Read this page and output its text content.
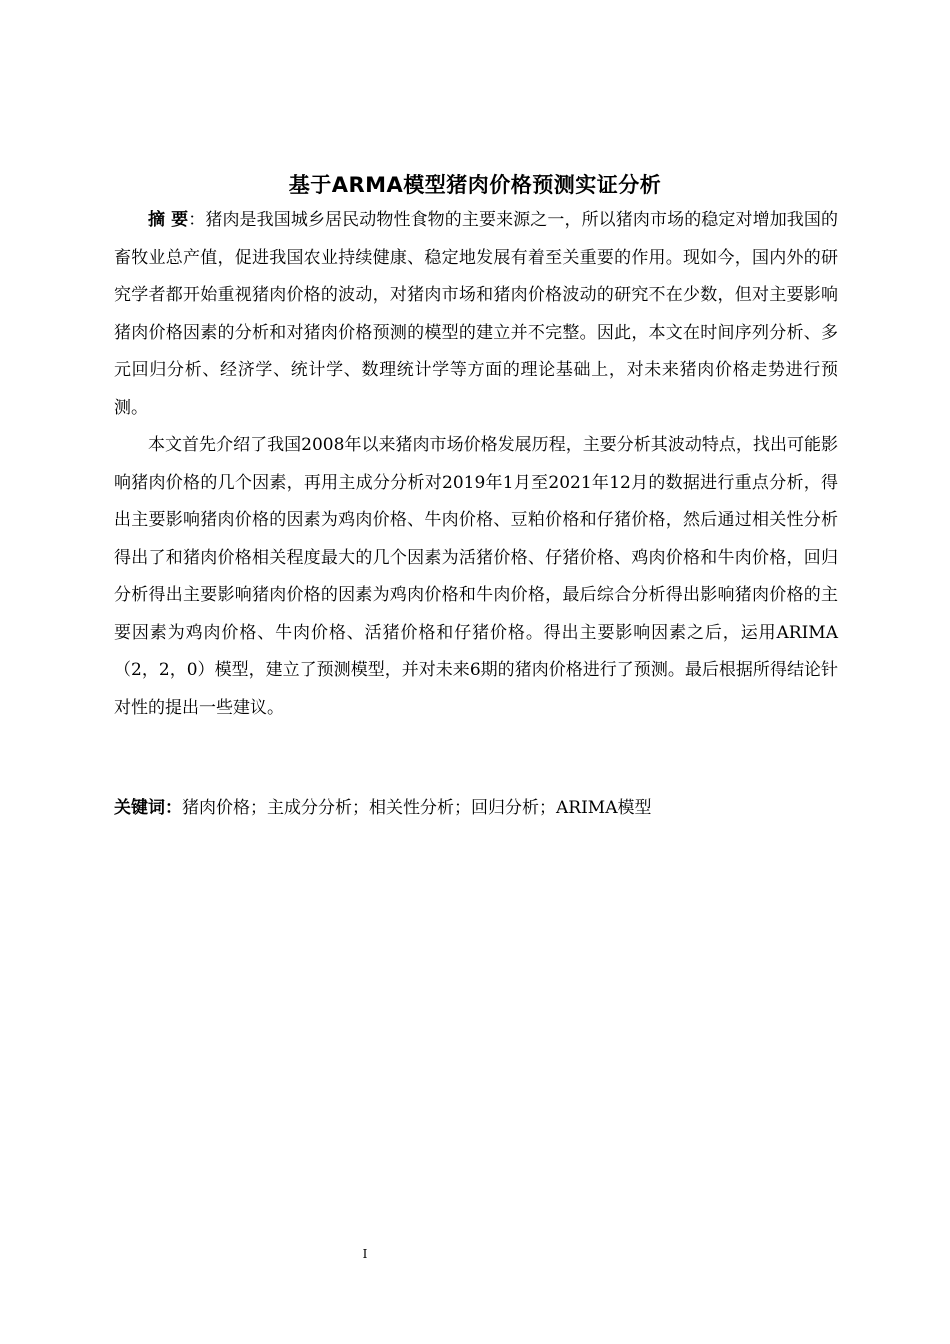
基于ARMA模型猪肉价格预测实证分析

摘 要：猪肉是我国城乡居民动物性食物的主要来源之一，所以猪肉市场的稳定对增加我国的畜牧业总产值，促进我国农业持续健康、稳定地发展有着至关重要的作用。现如今，国内外的研究学者都开始重视猪肉价格的波动，对猪肉市场和猪肉价格波动的研究不在少数，但对主要影响猪肉价格因素的分析和对猪肉价格预测的模型的建立并不完整。因此，本文在时间序列分析、多元回归分析、经济学、统计学、数理统计学等方面的理论基础上，对未来猪肉价格走势进行预测。

本文首先介绍了我国2008年以来猪肉市场价格发展历程，主要分析其波动特点，找出可能影响猪肉价格的几个因素，再用主成分分析对2019年1月至2021年12月的数据进行重点分析，得出主要影响猪肉价格的因素为鸡肉价格、牛肉价格、豆粕价格和仔猪价格，然后通过相关性分析得出了和猪肉价格相关程度最大的几个因素为活猪价格、仔猪价格、鸡肉价格和牛肉价格，回归分析得出主要影响猪肉价格的因素为鸡肉价格和牛肉价格，最后综合分析得出影响猪肉价格的主要因素为鸡肉价格、牛肉价格、活猪价格和仔猪价格。得出主要影响因素之后，运用ARIMA（2，2，0）模型，建立了预测模型，并对未来6期的猪肉价格进行了预测。最后根据所得结论针对性的提出一些建议。

关键词：猪肉价格；主成分分析；相关性分析；回归分析；ARIMA模型
I
